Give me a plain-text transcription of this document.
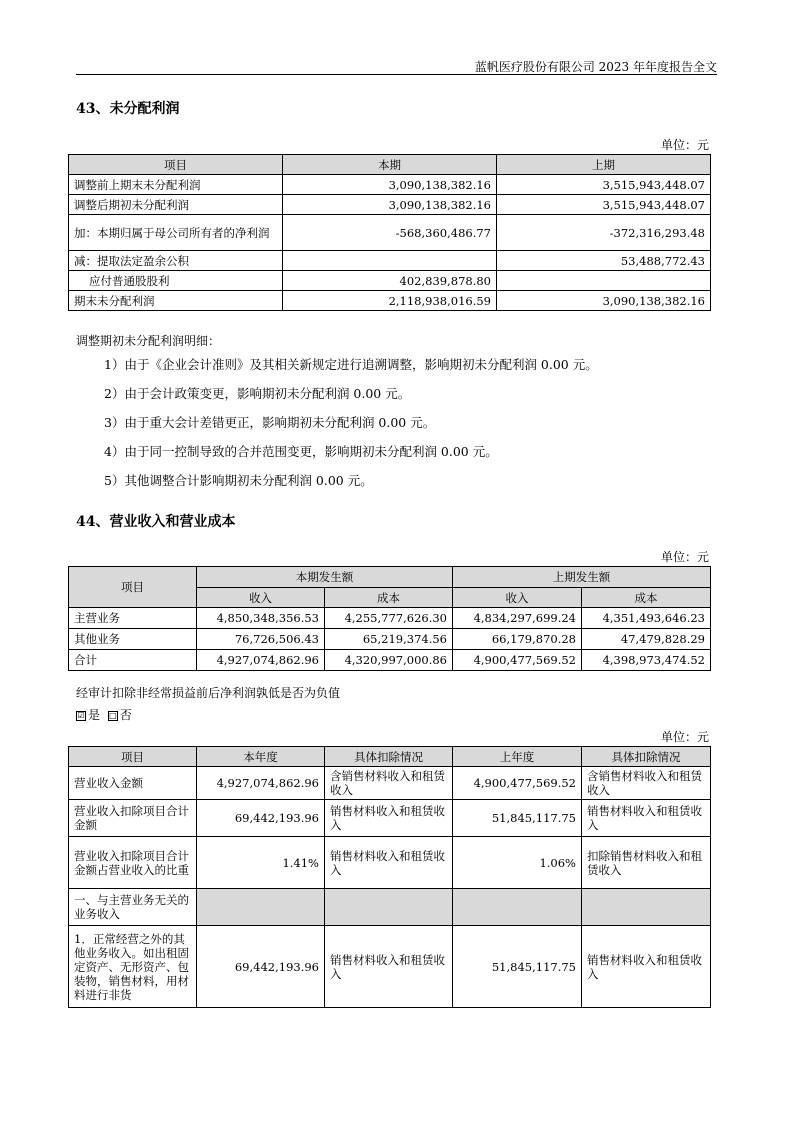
蓝帆医疗股份有限公司 2023 年年度报告全文
43、未分配利润
单位：元
项目	本期	上期
调整前上期末未分配利润	3,090,138,382.16	3,515,943,448.07
调整后期初未分配利润	3,090,138,382.16	3,515,943,448.07
加：本期归属于母公司所有者的净利润	-568,360,486.77	-372,316,293.48
减：提取法定盈余公积		53,488,772.43
应付普通股股利	402,839,878.80	
期末未分配利润	2,118,938,016.59	3,090,138,382.16
调整期初未分配利润明细：
1）由于《企业会计准则》及其相关新规定进行追溯调整，影响期初未分配利润 0.00 元。
2）由于会计政策变更，影响期初未分配利润 0.00 元。
3）由于重大会计差错更正，影响期初未分配利润 0.00 元。
4）由于同一控制导致的合并范围变更，影响期初未分配利润 0.00 元。
5）其他调整合计影响期初未分配利润 0.00 元。
44、营业收入和营业成本
单位：元
项目	本期发生额		上期发生额	
	收入	成本	收入	成本
主营业务	4,850,348,356.53	4,255,777,626.30	4,834,297,699.24	4,351,493,646.23
其他业务	76,726,506.43	65,219,374.56	66,179,870.28	47,479,828.29
合计	4,927,074,862.96	4,320,997,000.86	4,900,477,569.52	4,398,973,474.52
经审计扣除非经常损益前后净利润孰低是否为负值
☑ 是 □ 否
单位：元
项目	本年度	具体扣除情况	上年度	具体扣除情况
营业收入金额	4,927,074,862.96	含销售材料收入和租赁收入	4,900,477,569.52	含销售材料收入和租赁收入
营业收入扣除项目合计金额	69,442,193.96	销售材料收入和租赁收入	51,845,117.75	销售材料收入和租赁收入
营业收入扣除项目合计金额占营业收入的比重	1.41%	销售材料收入和租赁收入	1.06%	扣除销售材料收入和租赁收入
一、与主营业务无关的业务收入				
1．正常经营之外的其他业务收入。如出租固定资产、无形资产、包装物，销售材料，用材料进行非货	69,442,193.96	销售材料收入和租赁收入	51,845,117.75	销售材料收入和租赁收入
